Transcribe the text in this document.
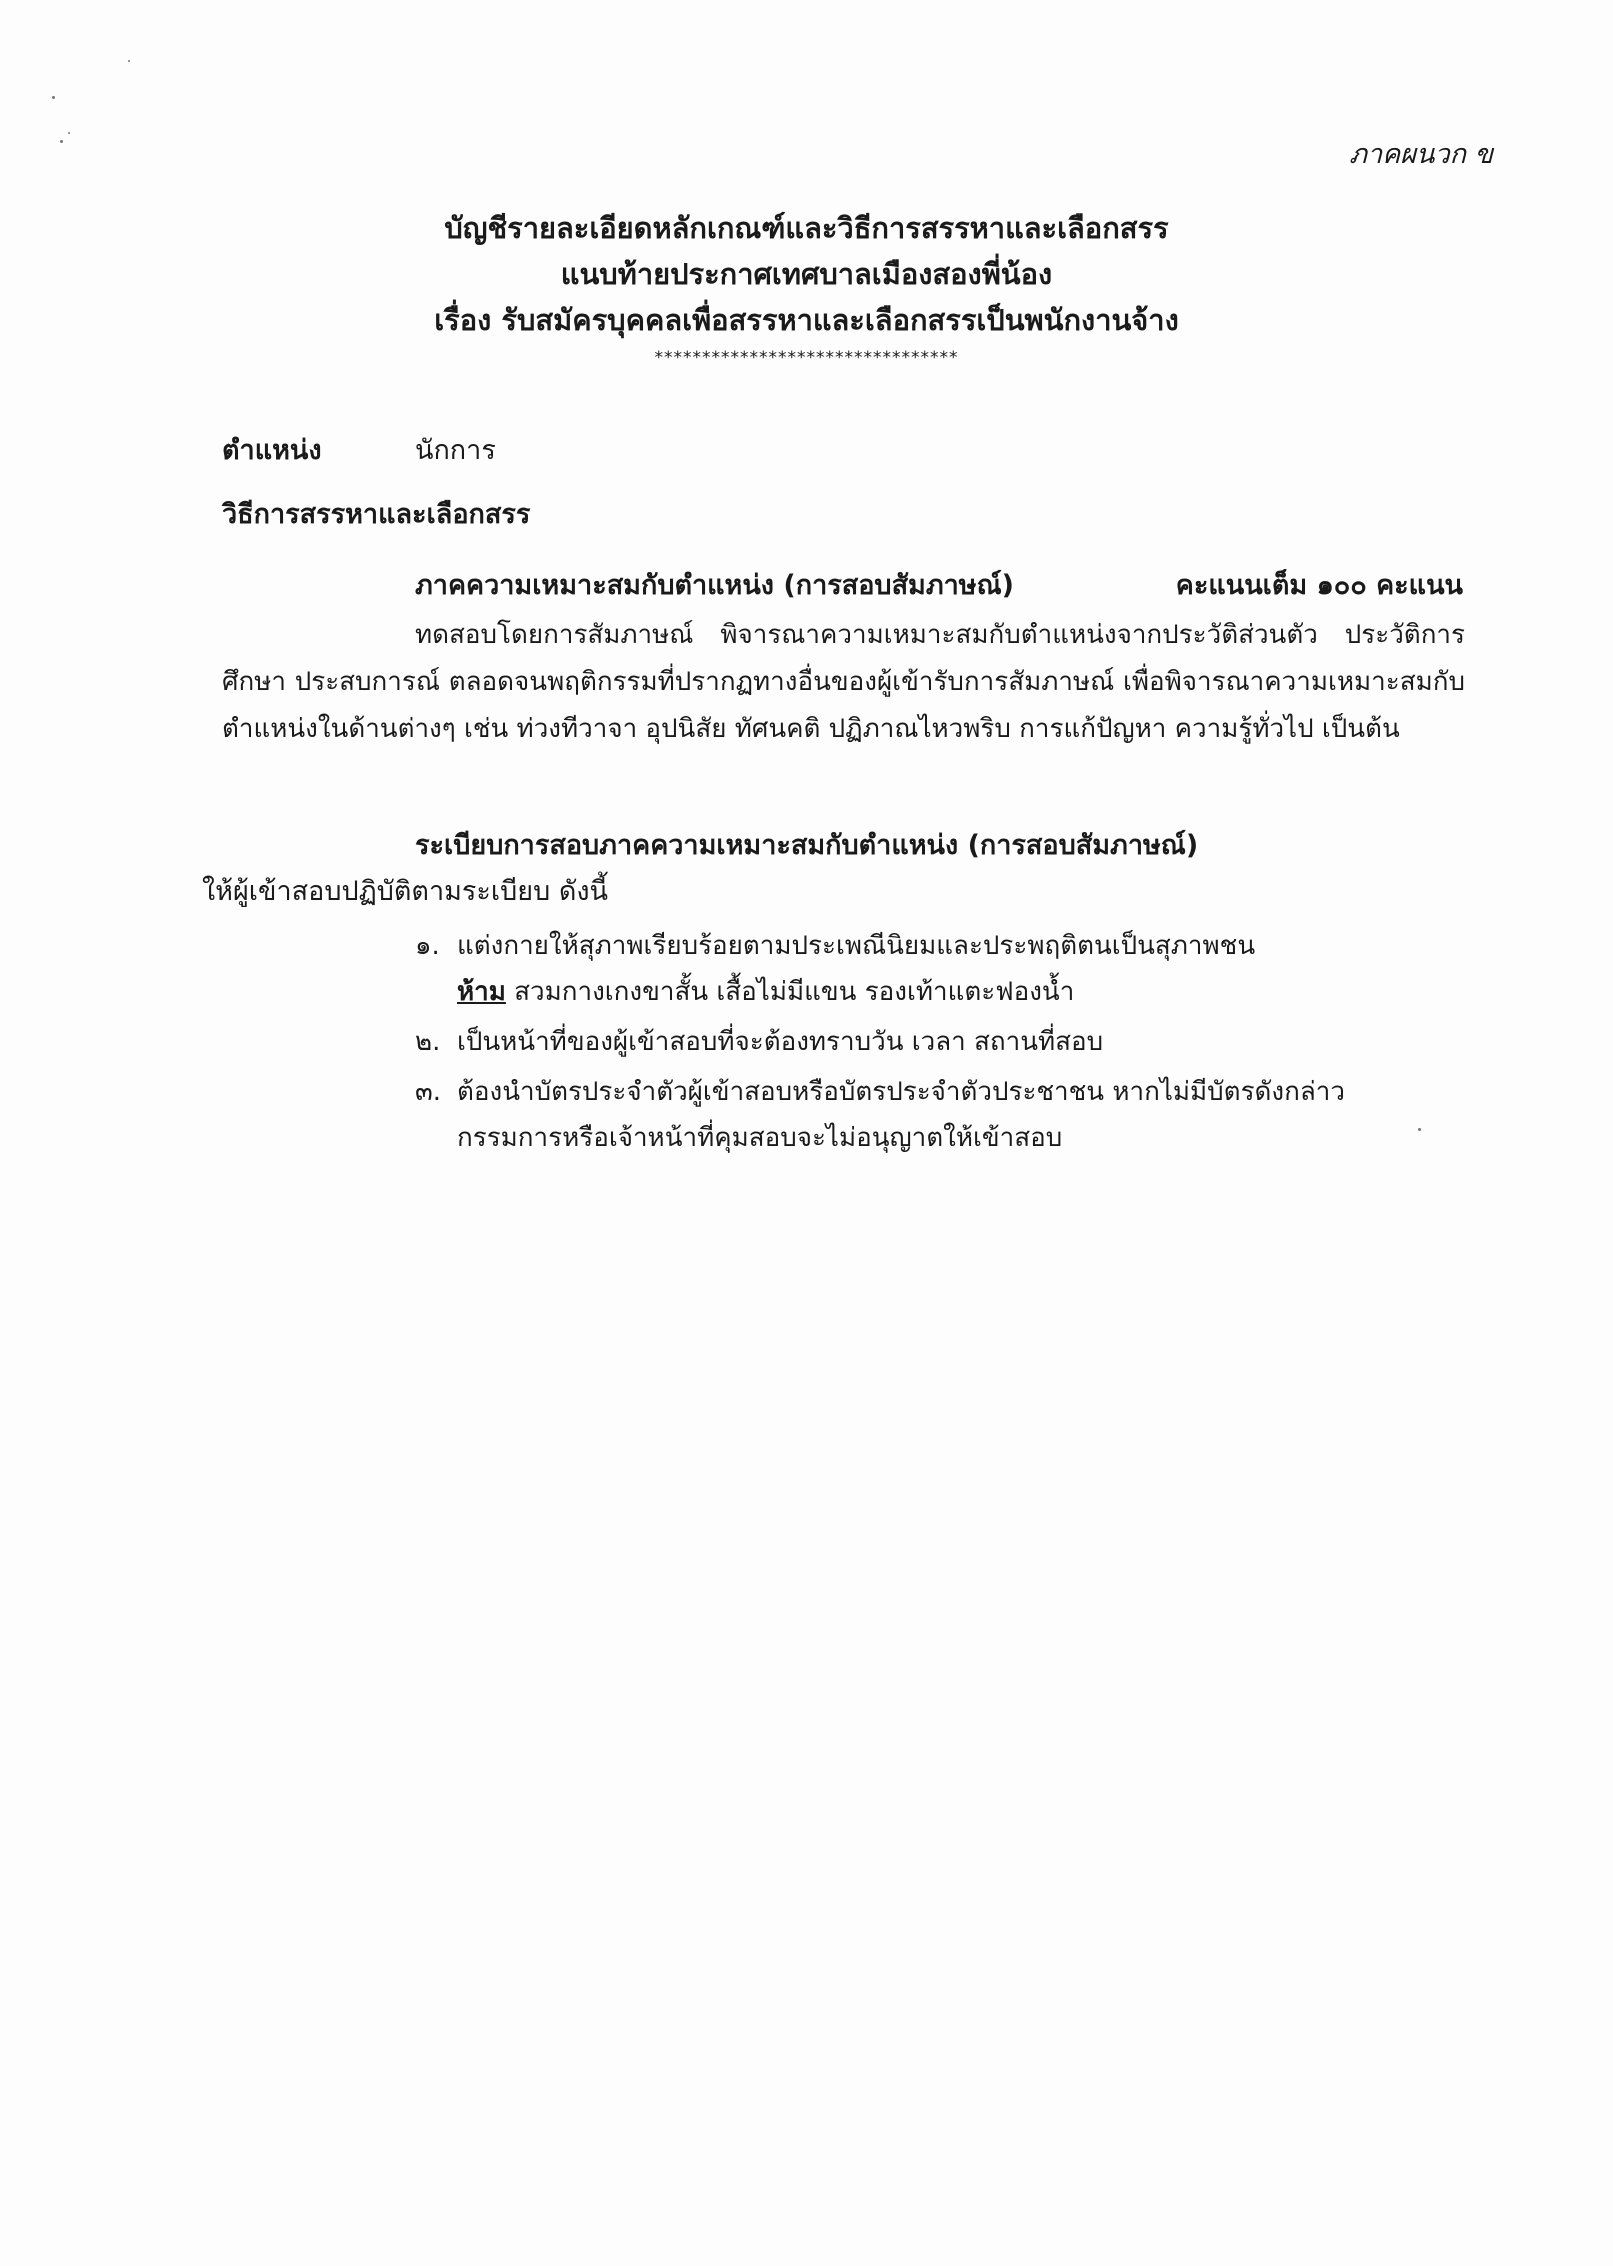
ภาคผนวก ข
บัญชีรายละเอียดหลักเกณฑ์และวิธีการสรรหาและเลือกสรร
แนบท้ายประกาศเทศบาลเมืองสองพี่น้อง
เรื่อง รับสมัครบุคคลเพื่อสรรหาและเลือกสรรเป็นพนักงานจ้าง
********************************
ตำแหน่ง	นักการ
วิธีการสรรหาและเลือกสรร
ภาคความเหมาะสมกับตำแหน่ง (การสอบสัมภาษณ์)	คะแนนเต็ม ๑๐๐ คะแนน
ทดสอบโดยการสัมภาษณ์ พิจารณาความเหมาะสมกับตำแหน่งจากประวัติส่วนตัว ประวัติการศึกษา ประสบการณ์ ตลอดจนพฤติกรรมที่ปรากฏทางอื่นของผู้เข้ารับการสัมภาษณ์ เพื่อพิจารณาความเหมาะสมกับตำแหน่งในด้านต่างๆ เช่น ท่วงทีวาจา อุปนิสัย ทัศนคติ ปฏิภาณไหวพริบ การแก้ปัญหา ความรู้ทั่วไป เป็นต้น
ระเบียบการสอบภาคความเหมาะสมกับตำแหน่ง (การสอบสัมภาษณ์)
ให้ผู้เข้าสอบปฏิบัติตามระเบียบ ดังนี้
๑. แต่งกายให้สุภาพเรียบร้อยตามประเพณีนิยมและประพฤติตนเป็นสุภาพชน
ห้าม สวมกางเกงขาสั้น เสื้อไม่มีแขน รองเท้าแตะฟองน้ำ
๒. เป็นหน้าที่ของผู้เข้าสอบที่จะต้องทราบวัน เวลา สถานที่สอบ
๓. ต้องนำบัตรประจำตัวผู้เข้าสอบหรือบัตรประจำตัวประชาชน หากไม่มีบัตรดังกล่าว
กรรมการหรือเจ้าหน้าที่คุมสอบจะไม่อนุญาตให้เข้าสอบ
